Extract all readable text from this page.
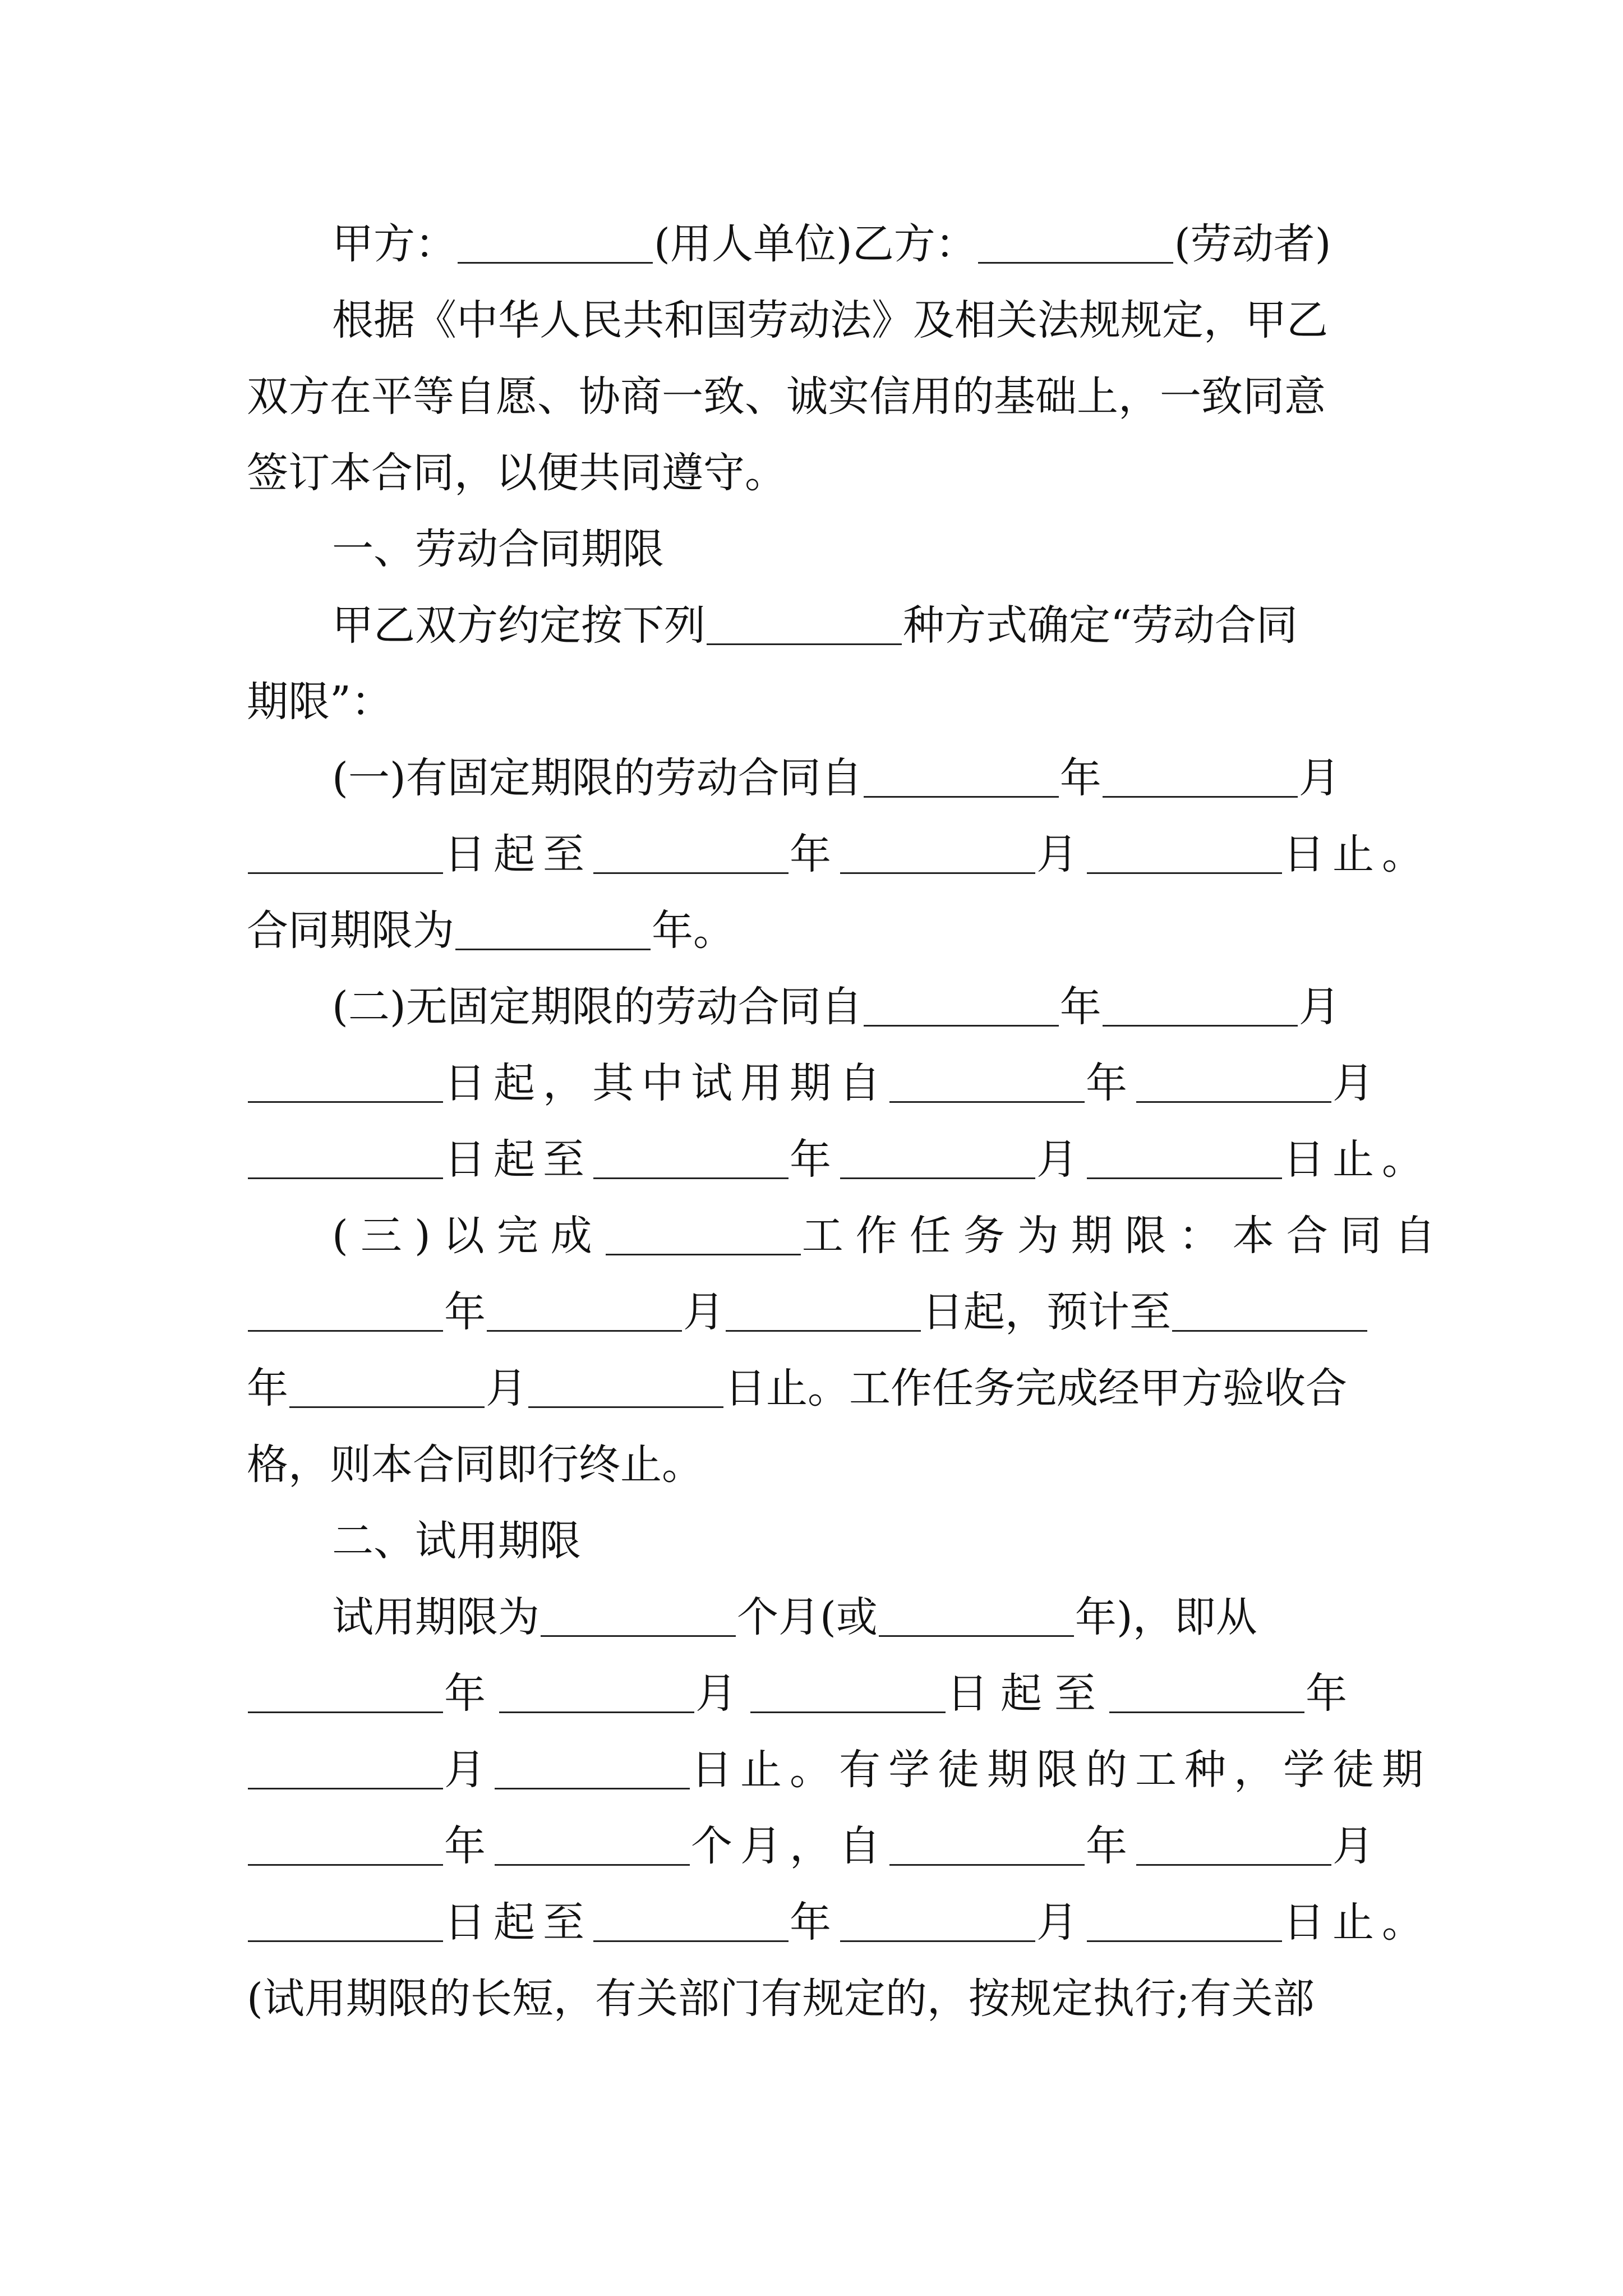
甲方：	(用人单位)乙方：	(劳动者)
根据《中华人民共和国劳动法》及相关法规规定，甲乙
双方在平等自愿、协商一致、诚实信用的基础上，一致同意
签订本合同，以便共同遵守。
一、劳动合同期限
甲乙双方约定按下列	种方式确定“劳动合同
期限”：
(一)有固定期限的劳动合同自	年	月
日起至	年	月	日止。
合同期限为	年。
(二)无固定期限的劳动合同自	年	月
日起，其中试用期自	年	月
日起至	年	月	日止。
(三)以完成	工作任务为期限：本合同自
年	月	日起，预计至
年	月	日止。工作任务完成经甲方验收合
格，则本合同即行终止。
二、试用期限
试用期限为	个月(或	年)，即从
年	月	日起至	年
月	日止。有学徒期限的工种，学徒期
年	个月，自	年	月
日起至	年	月	日止。
(试用期限的长短，有关部门有规定的，按规定执行;有关部
